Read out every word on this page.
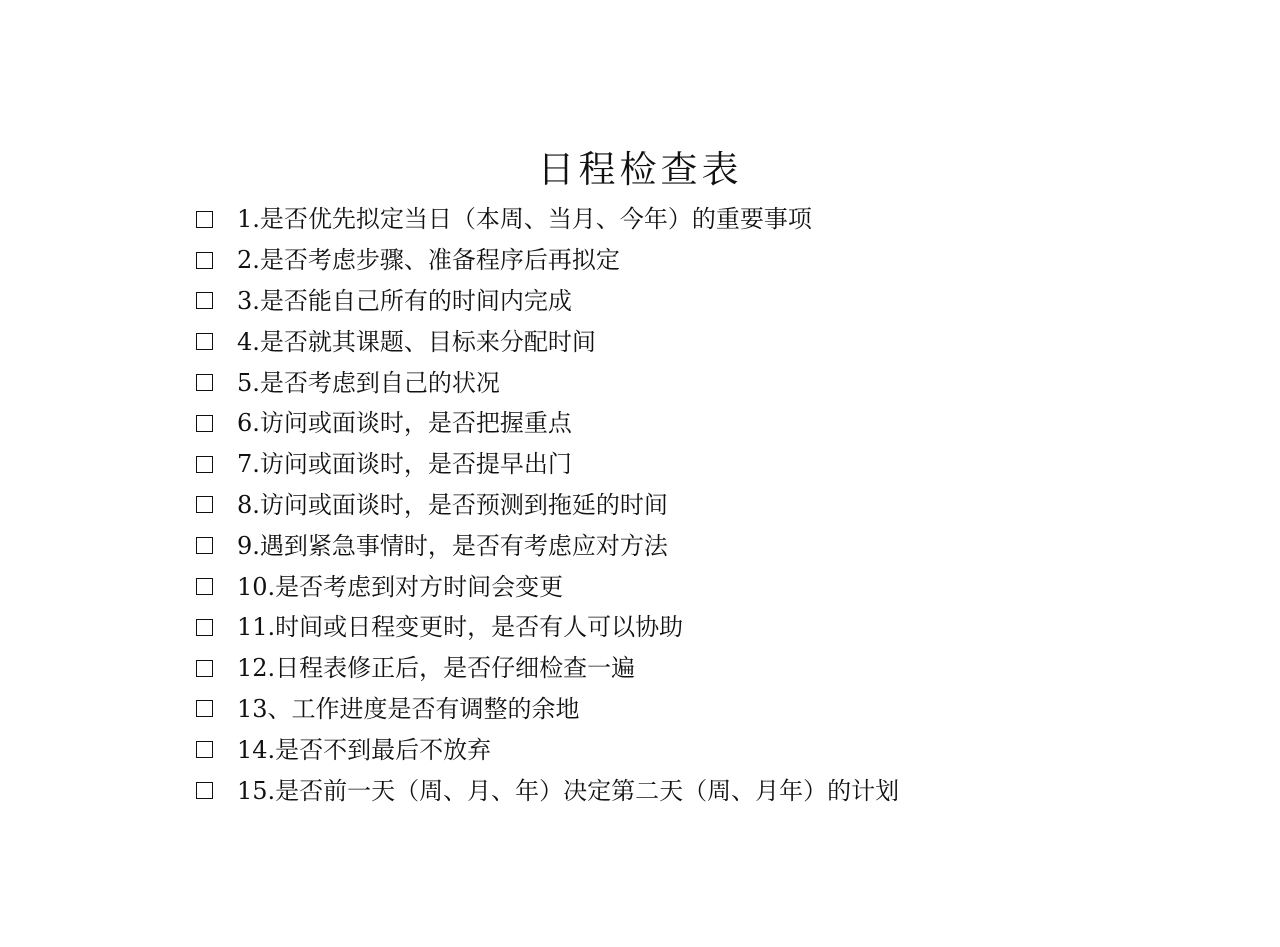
日程检查表
1.是否优先拟定当日（本周、当月、今年）的重要事项
2.是否考虑步骤、准备程序后再拟定
3.是否能自己所有的时间内完成
4.是否就其课题、目标来分配时间
5.是否考虑到自己的状况
6.访问或面谈时，是否把握重点
7.访问或面谈时，是否提早出门
8.访问或面谈时，是否预测到拖延的时间
9.遇到紧急事情时，是否有考虑应对方法
10.是否考虑到对方时间会变更
11.时间或日程变更时，是否有人可以协助
12.日程表修正后，是否仔细检查一遍
13、工作进度是否有调整的余地
14.是否不到最后不放弃
15.是否前一天（周、月、年）决定第二天（周、月年）的计划
